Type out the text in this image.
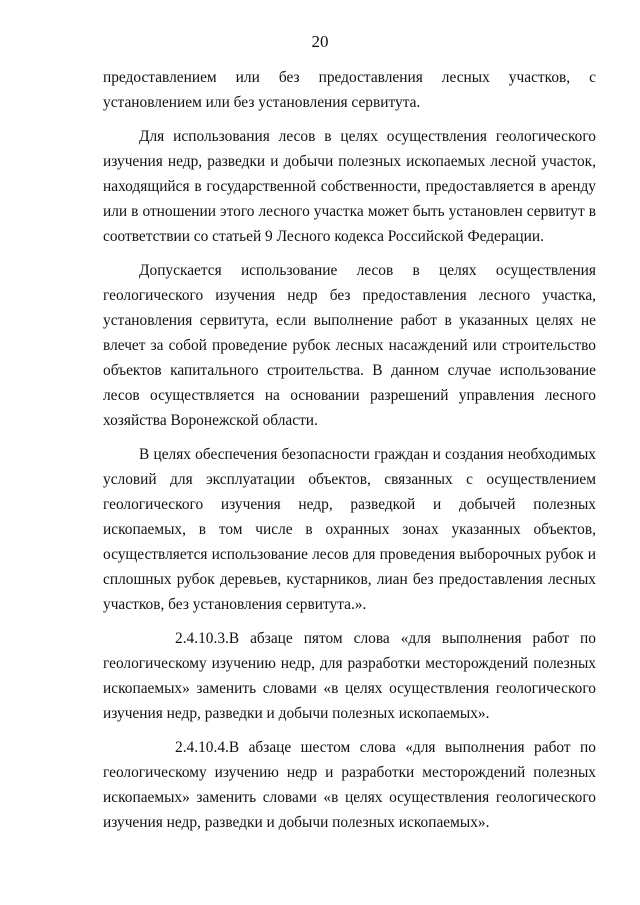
20

предоставлением или без предоставления лесных участков, с установлением или без установления сервитута.

Для использования лесов в целях осуществления геологического изучения недр, разведки и добычи полезных ископаемых лесной участок, находящийся в государственной собственности, предоставляется в аренду или в отношении этого лесного участка может быть установлен сервитут в соответствии со статьей 9 Лесного кодекса Российской Федерации.

Допускается использование лесов в целях осуществления геологического изучения недр без предоставления лесного участка, установления сервитута, если выполнение работ в указанных целях не влечет за собой проведение рубок лесных насаждений или строительство объектов капитального строительства. В данном случае использование лесов осуществляется на основании разрешений управления лесного хозяйства Воронежской области.

В целях обеспечения безопасности граждан и создания необходимых условий для эксплуатации объектов, связанных с осуществлением геологического изучения недр, разведкой и добычей полезных ископаемых, в том числе в охранных зонах указанных объектов, осуществляется использование лесов для проведения выборочных рубок и сплошных рубок деревьев, кустарников, лиан без предоставления лесных участков, без установления сервитута.».

2.4.10.3.В абзаце пятом слова «для выполнения работ по геологическому изучению недр, для разработки месторождений полезных ископаемых» заменить словами «в целях осуществления геологического изучения недр, разведки и добычи полезных ископаемых».

2.4.10.4.В абзаце шестом слова «для выполнения работ по геологическому изучению недр и разработки месторождений полезных ископаемых» заменить словами «в целях осуществления геологического изучения недр, разведки и добычи полезных ископаемых».
